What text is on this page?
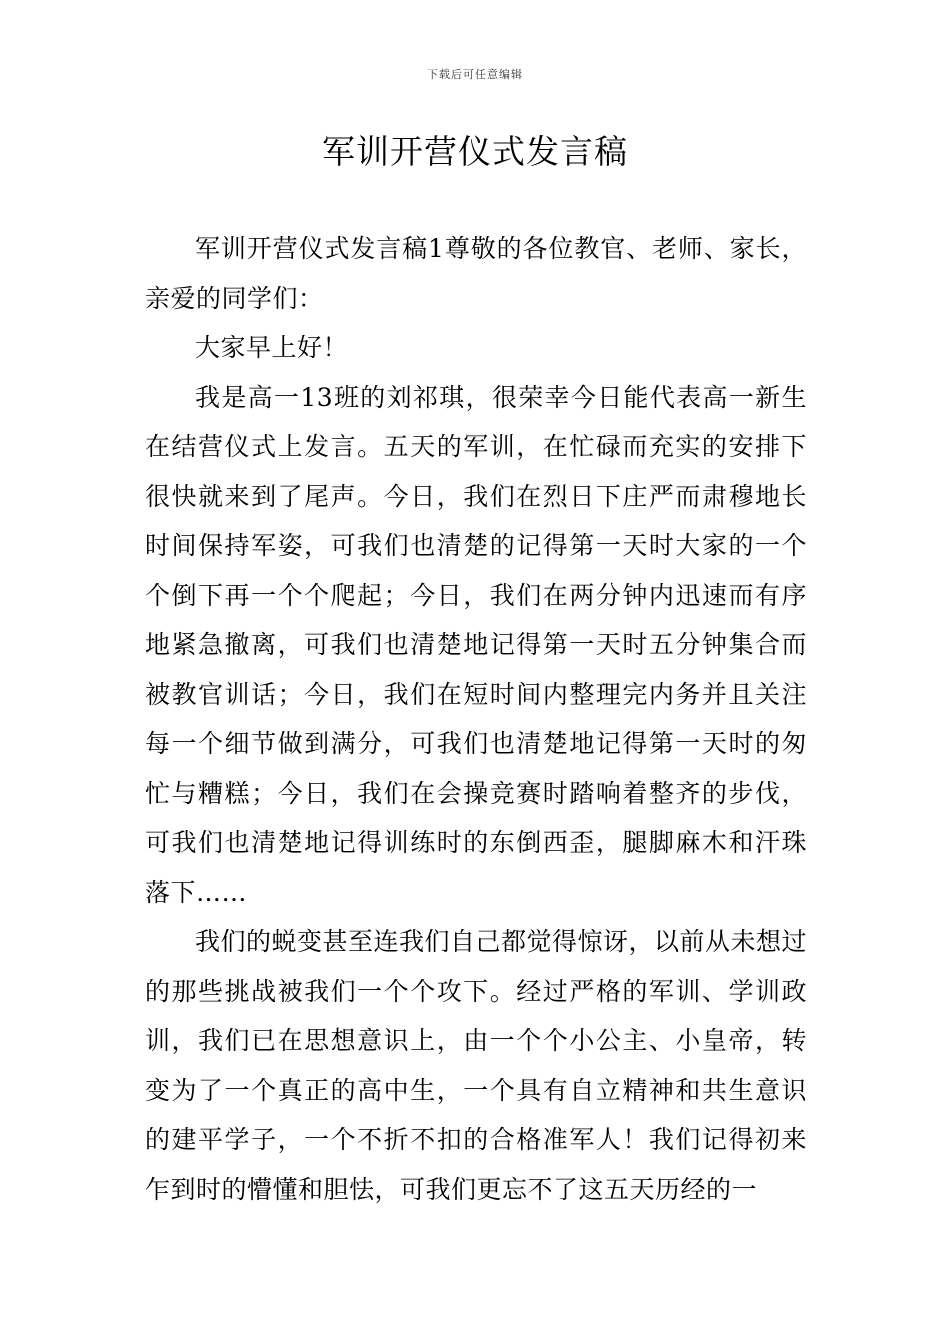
下载后可任意编辑
军训开营仪式发言稿

军训开营仪式发言稿1尊敬的各位教官、老师、家长，亲爱的同学们：

大家早上好！

我是高一13班的刘祁琪，很荣幸今日能代表高一新生在结营仪式上发言。五天的军训，在忙碌而充实的安排下很快就来到了尾声。今日，我们在烈日下庄严而肃穆地长时间保持军姿，可我们也清楚的记得第一天时大家的一个个倒下再一个个爬起；今日，我们在两分钟内迅速而有序地紧急撤离，可我们也清楚地记得第一天时五分钟集合而被教官训话；今日，我们在短时间内整理完内务并且关注每一个细节做到满分，可我们也清楚地记得第一天时的匆忙与糟糕；今日，我们在会操竞赛时踏响着整齐的步伐，可我们也清楚地记得训练时的东倒西歪，腿脚麻木和汗珠落下……

我们的蜕变甚至连我们自己都觉得惊讶，以前从未想过的那些挑战被我们一个个攻下。经过严格的军训、学训政训，我们已在思想意识上，由一个个小公主、小皇帝，转变为了一个真正的高中生，一个具有自立精神和共生意识的建平学子，一个不折不扣的合格准军人！我们记得初来乍到时的懵懂和胆怯，可我们更忘不了这五天历经的一
